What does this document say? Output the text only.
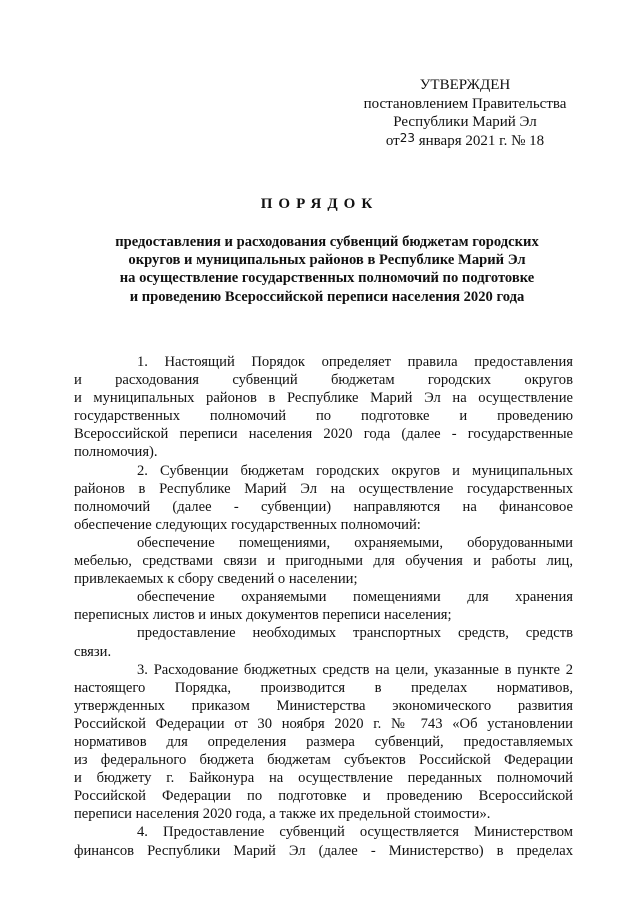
УТВЕРЖДЕН
постановлением Правительства
Республики Марий Эл
$от^{23}$ января 2021 г. № 18
ПОРЯДОК
предоставления и расходования субвенций бюджетам городских
округов и муниципальных районов в Республике Марий Эл
на осуществление государственных полномочий по подготовке
и проведению Всероссийской переписи населения 2020 года
1. Настоящий Порядок определяет правила предоставления
и расходования субвенций бюджетам городских округов
и муниципальных районов в Республике Марий Эл на осуществление
государственных полномочий по подготовке и проведению
Всероссийской переписи населения 2020 года (далее - государственные
полномочия).
2. Субвенции бюджетам городских округов и муниципальных
районов в Республике Марий Эл на осуществление государственных
полномочий (далее - субвенции) направляются на финансовое
обеспечение следующих государственных полномочий:
обеспечение помещениями, охраняемыми, оборудованными
мебелью, средствами связи и пригодными для обучения и работы лиц,
привлекаемых к сбору сведений о населении;
обеспечение охраняемыми помещениями для хранения
переписных листов и иных документов переписи населения;
предоставление необходимых транспортных средств, средств
связи.
3. Расходование бюджетных средств на цели, указанные в пункте 2
настоящего Порядка, производится в пределах нормативов,
утвержденных приказом Министерства экономического развития
Российской Федерации от 30 ноября 2020 г. № 743 «Об установлении
нормативов для определения размера субвенций, предоставляемых
из федерального бюджета бюджетам субъектов Российской Федерации
и бюджету г. Байконура на осуществление переданных полномочий
Российской Федерации по подготовке и проведению Всероссийской
переписи населения 2020 года, а также их предельной стоимости».
4. Предоставление субвенций осуществляется Министерством
финансов Республики Марий Эл (далее - Министерство) в пределах
